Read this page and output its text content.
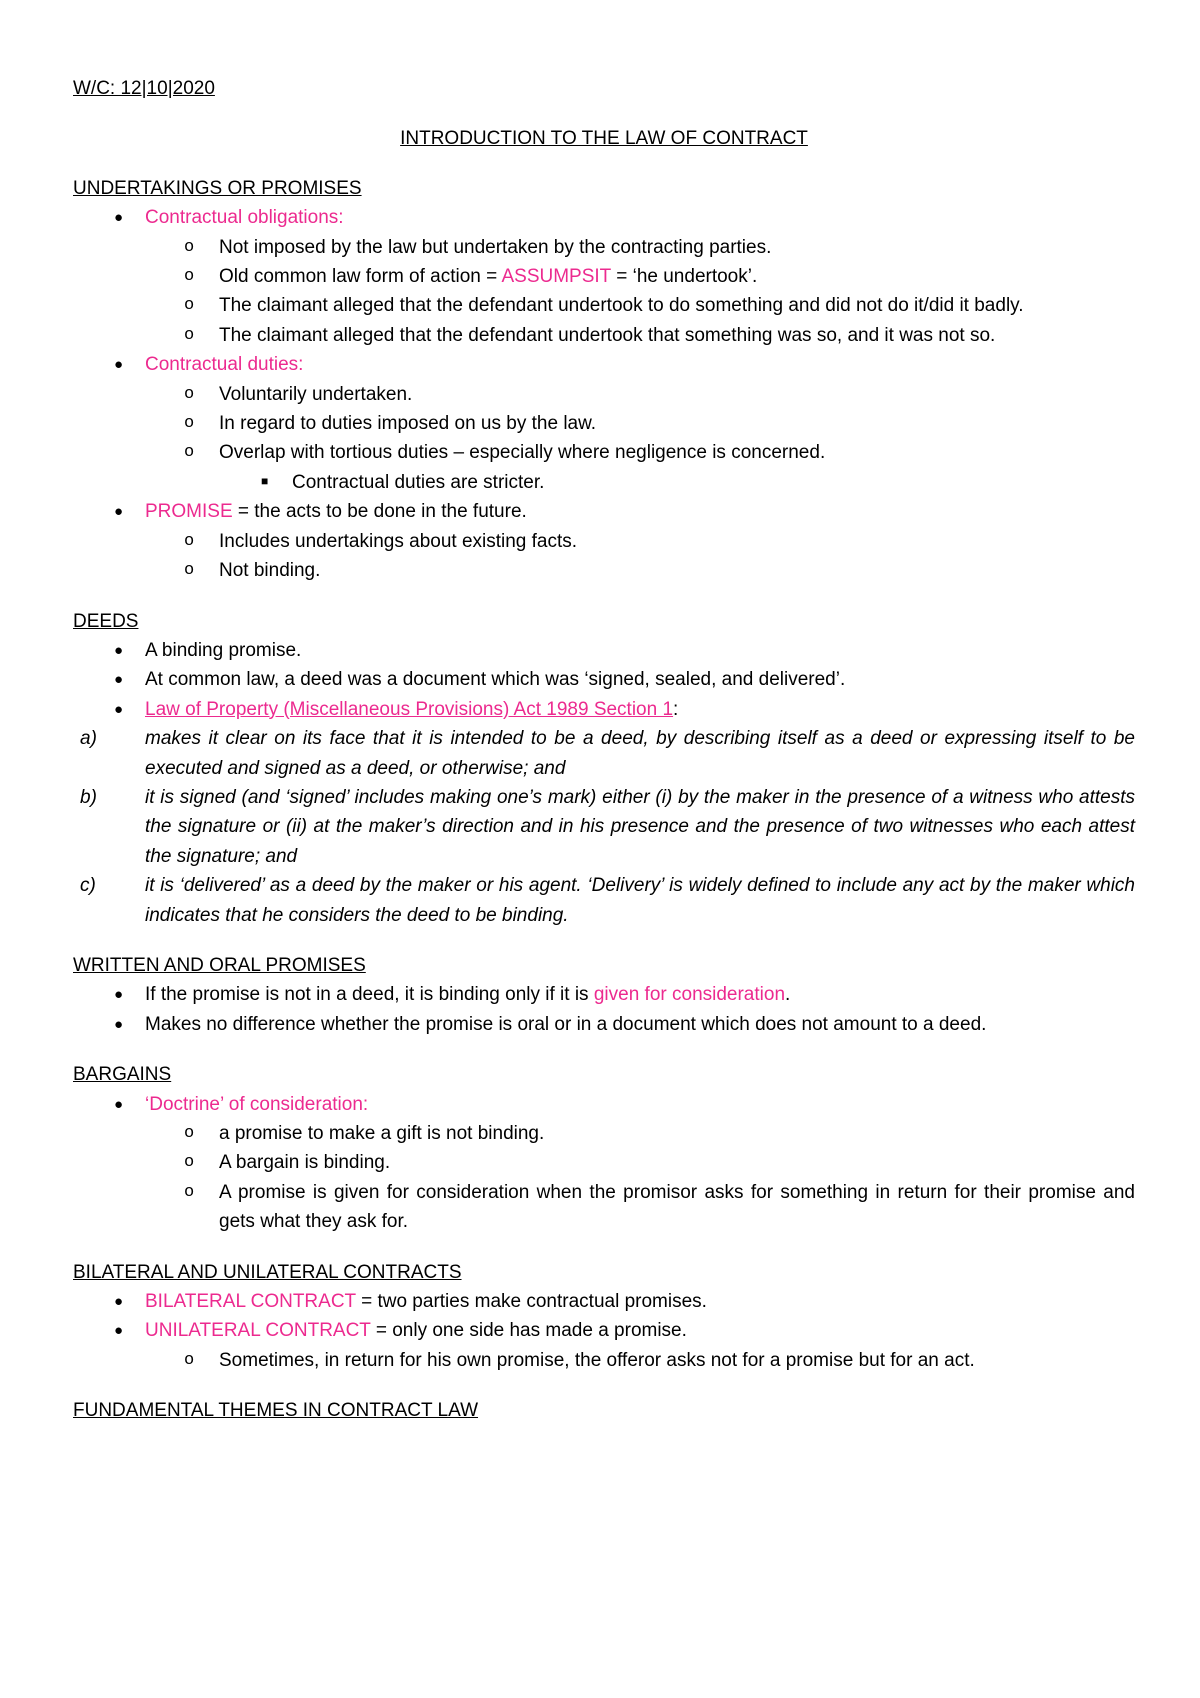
W/C: 12|10|2020
INTRODUCTION TO THE LAW OF CONTRACT
UNDERTAKINGS OR PROMISES
● Contractual obligations:
o Not imposed by the law but undertaken by the contracting parties.
o Old common law form of action = ASSUMPSIT = ‘he undertook’.
o The claimant alleged that the defendant undertook to do something and did not do it/did it badly.
o The claimant alleged that the defendant undertook that something was so, and it was not so.
● Contractual duties:
o Voluntarily undertaken.
o In regard to duties imposed on us by the law.
o Overlap with tortious duties – especially where negligence is concerned.
■ Contractual duties are stricter.
● PROMISE = the acts to be done in the future.
o Includes undertakings about existing facts.
o Not binding.
DEEDS
● A binding promise.
● At common law, a deed was a document which was ‘signed, sealed, and delivered’.
● Law of Property (Miscellaneous Provisions) Act 1989 Section 1:
a)	makes it clear on its face that it is intended to be a deed, by describing itself as a deed or expressing itself to be executed and signed as a deed, or otherwise; and
b)	it is signed (and ‘signed’ includes making one’s mark) either (i) by the maker in the presence of a witness who attests the signature or (ii) at the maker’s direction and in his presence and the presence of two witnesses who each attest the signature; and
c)	it is ‘delivered’ as a deed by the maker or his agent. ‘Delivery’ is widely defined to include any act by the maker which indicates that he considers the deed to be binding.
WRITTEN AND ORAL PROMISES
● If the promise is not in a deed, it is binding only if it is given for consideration.
● Makes no difference whether the promise is oral or in a document which does not amount to a deed.
BARGAINS
● ‘Doctrine’ of consideration:
o a promise to make a gift is not binding.
o A bargain is binding.
o A promise is given for consideration when the promisor asks for something in return for their promise and gets what they ask for.
BILATERAL AND UNILATERAL CONTRACTS
● BILATERAL CONTRACT = two parties make contractual promises.
● UNILATERAL CONTRACT = only one side has made a promise.
o Sometimes, in return for his own promise, the offeror asks not for a promise but for an act.
FUNDAMENTAL THEMES IN CONTRACT LAW
